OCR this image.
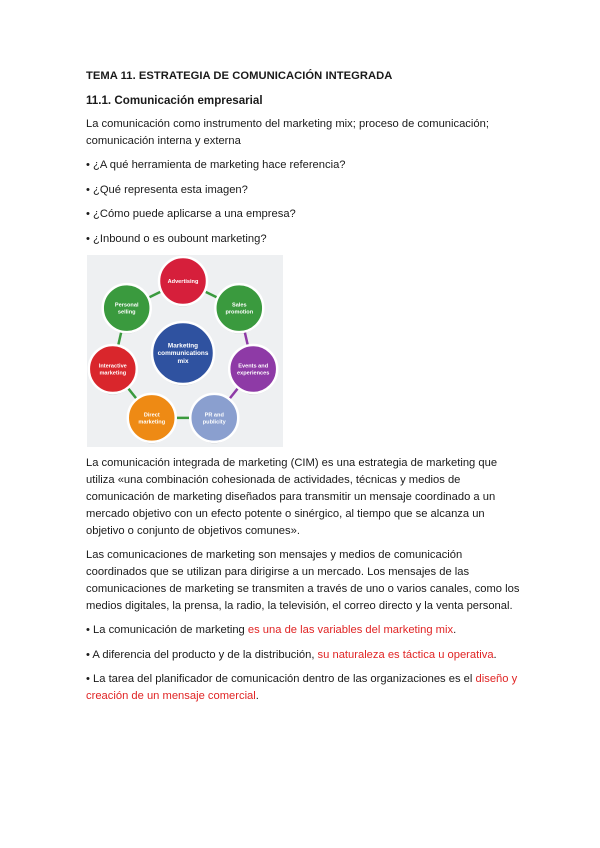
TEMA 11. ESTRATEGIA DE COMUNICACIÓN INTEGRADA
11.1. Comunicación empresarial
La comunicación como instrumento del marketing mix; proceso de comunicación; comunicación interna y externa
• ¿A qué herramienta de marketing hace referencia?
• ¿Qué representa esta imagen?
• ¿Cómo puede aplicarse a una empresa?
• ¿Inbound o es oubount marketing?
Advertising
Sales promotion
Events and experiences
PR and publicity
Direct marketing
Interactive marketing
Personal selling
Marketing communications mix
La comunicación integrada de marketing (CIM) es una estrategia de marketing que utiliza «una combinación cohesionada de actividades, técnicas y medios de comunicación de marketing diseñados para transmitir un mensaje coordinado a un mercado objetivo con un efecto potente o sinérgico, al tiempo que se alcanza un objetivo o conjunto de objetivos comunes».
Las comunicaciones de marketing son mensajes y medios de comunicación coordinados que se utilizan para dirigirse a un mercado. Los mensajes de las comunicaciones de marketing se transmiten a través de uno o varios canales, como los medios digitales, la prensa, la radio, la televisión, el correo directo y la venta personal.
• La comunicación de marketing es una de las variables del marketing mix.
• A diferencia del producto y de la distribución, su naturaleza es táctica u operativa.
• La tarea del planificador de comunicación dentro de las organizaciones es el diseño y creación de un mensaje comercial.
